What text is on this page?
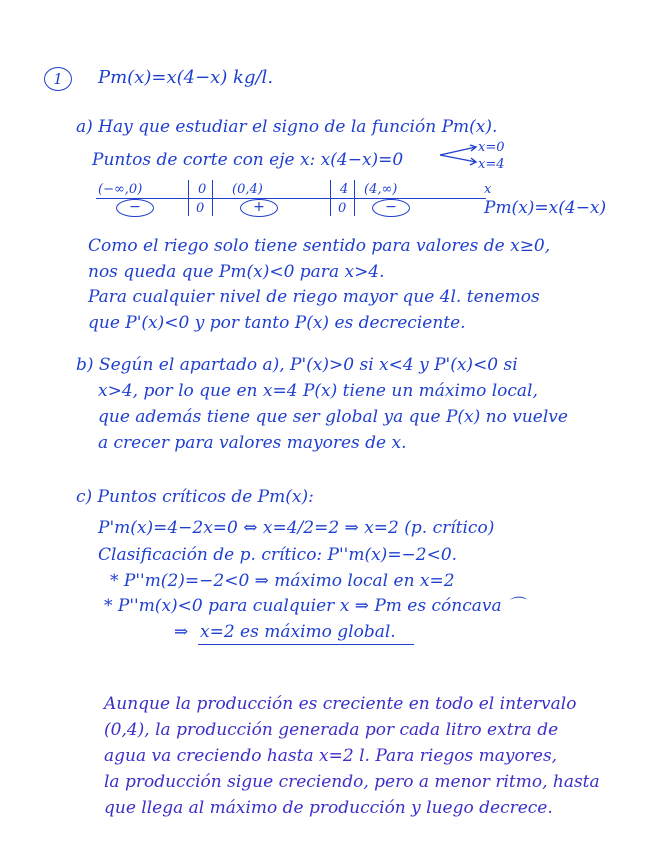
1	Pm(x)=x(4−x) kg/l.
a) Hay que estudiar el signo de la función Pm(x).
Puntos de corte con eje x: x(4−x)=0
x=0
x=4
(−∞,0)	0 (0,4)	4 (4,∞)	x
−	0	+	0	−	Pm(x)=x(4−x)
Como el riego solo tiene sentido para valores de x≥0,
nos queda que Pm(x)<0 para x>4.
Para cualquier nivel de riego mayor que 4l. tenemos
que P'(x)<0 y por tanto P(x) es decreciente.
b) Según el apartado a), P'(x)>0 si x<4 y P'(x)<0 si
x>4, por lo que en x=4 P(x) tiene un máximo local,
que además tiene que ser global ya que P(x) no vuelve
a crecer para valores mayores de x.
c) Puntos críticos de Pm(x):
P'm(x)=4−2x=0 ⇔ x=4/2=2 ⇒ x=2 (p. crítico)
Clasificación de p. crítico: P''m(x)=−2<0.
* P''m(2)=−2<0 ⇒ máximo local en x=2
* P''m(x)<0 para cualquier x ⇒ Pm es cóncava ⌒
⇒ x=2 es máximo global.
Aunque la producción es creciente en todo el intervalo
(0,4), la producción generada por cada litro extra de
agua va creciendo hasta x=2 l. Para riegos mayores,
la producción sigue creciendo, pero a menor ritmo, hasta
que llega al máximo de producción y luego decrece.
